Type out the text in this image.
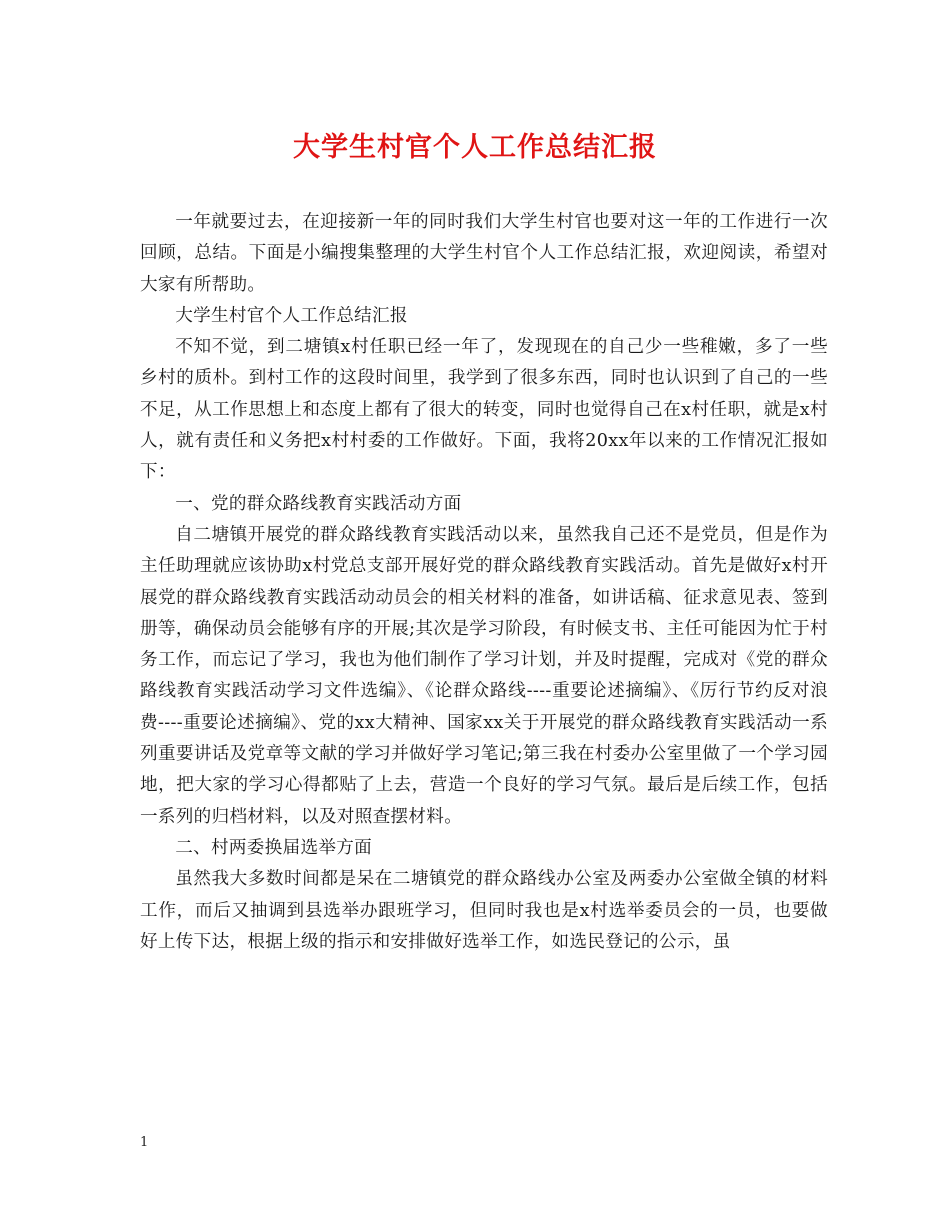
大学生村官个人工作总结汇报

一年就要过去，在迎接新一年的同时我们大学生村官也要对这一年的工作进行一次回顾，总结。下面是小编搜集整理的大学生村官个人工作总结汇报，欢迎阅读，希望对大家有所帮助。

大学生村官个人工作总结汇报

不知不觉，到二塘镇x村任职已经一年了，发现现在的自己少一些稚嫩，多了一些乡村的质朴。到村工作的这段时间里，我学到了很多东西，同时也认识到了自己的一些不足，从工作思想上和态度上都有了很大的转变，同时也觉得自己在x村任职，就是x村人，就有责任和义务把x村村委的工作做好。下面，我将20xx年以来的工作情况汇报如下：

一、党的群众路线教育实践活动方面

自二塘镇开展党的群众路线教育实践活动以来，虽然我自己还不是党员，但是作为主任助理就应该协助x村党总支部开展好党的群众路线教育实践活动。首先是做好x村开展党的群众路线教育实践活动动员会的相关材料的准备，如讲话稿、征求意见表、签到册等，确保动员会能够有序的开展;其次是学习阶段，有时候支书、主任可能因为忙于村务工作，而忘记了学习，我也为他们制作了学习计划，并及时提醒，完成对《党的群众路线教育实践活动学习文件选编》、《论群众路线----重要论述摘编》、《厉行节约反对浪费----重要论述摘编》、党的xx大精神、国家xx关于开展党的群众路线教育实践活动一系列重要讲话及党章等文献的学习并做好学习笔记;第三我在村委办公室里做了一个学习园地，把大家的学习心得都贴了上去，营造一个良好的学习气氛。最后是后续工作，包括一系列的归档材料，以及对照查摆材料。

二、村两委换届选举方面

虽然我大多数时间都是呆在二塘镇党的群众路线办公室及两委办公室做全镇的材料工作，而后又抽调到县选举办跟班学习，但同时我也是x村选举委员会的一员，也要做好上传下达，根据上级的指示和安排做好选举工作，如选民登记的公示，虽

1
